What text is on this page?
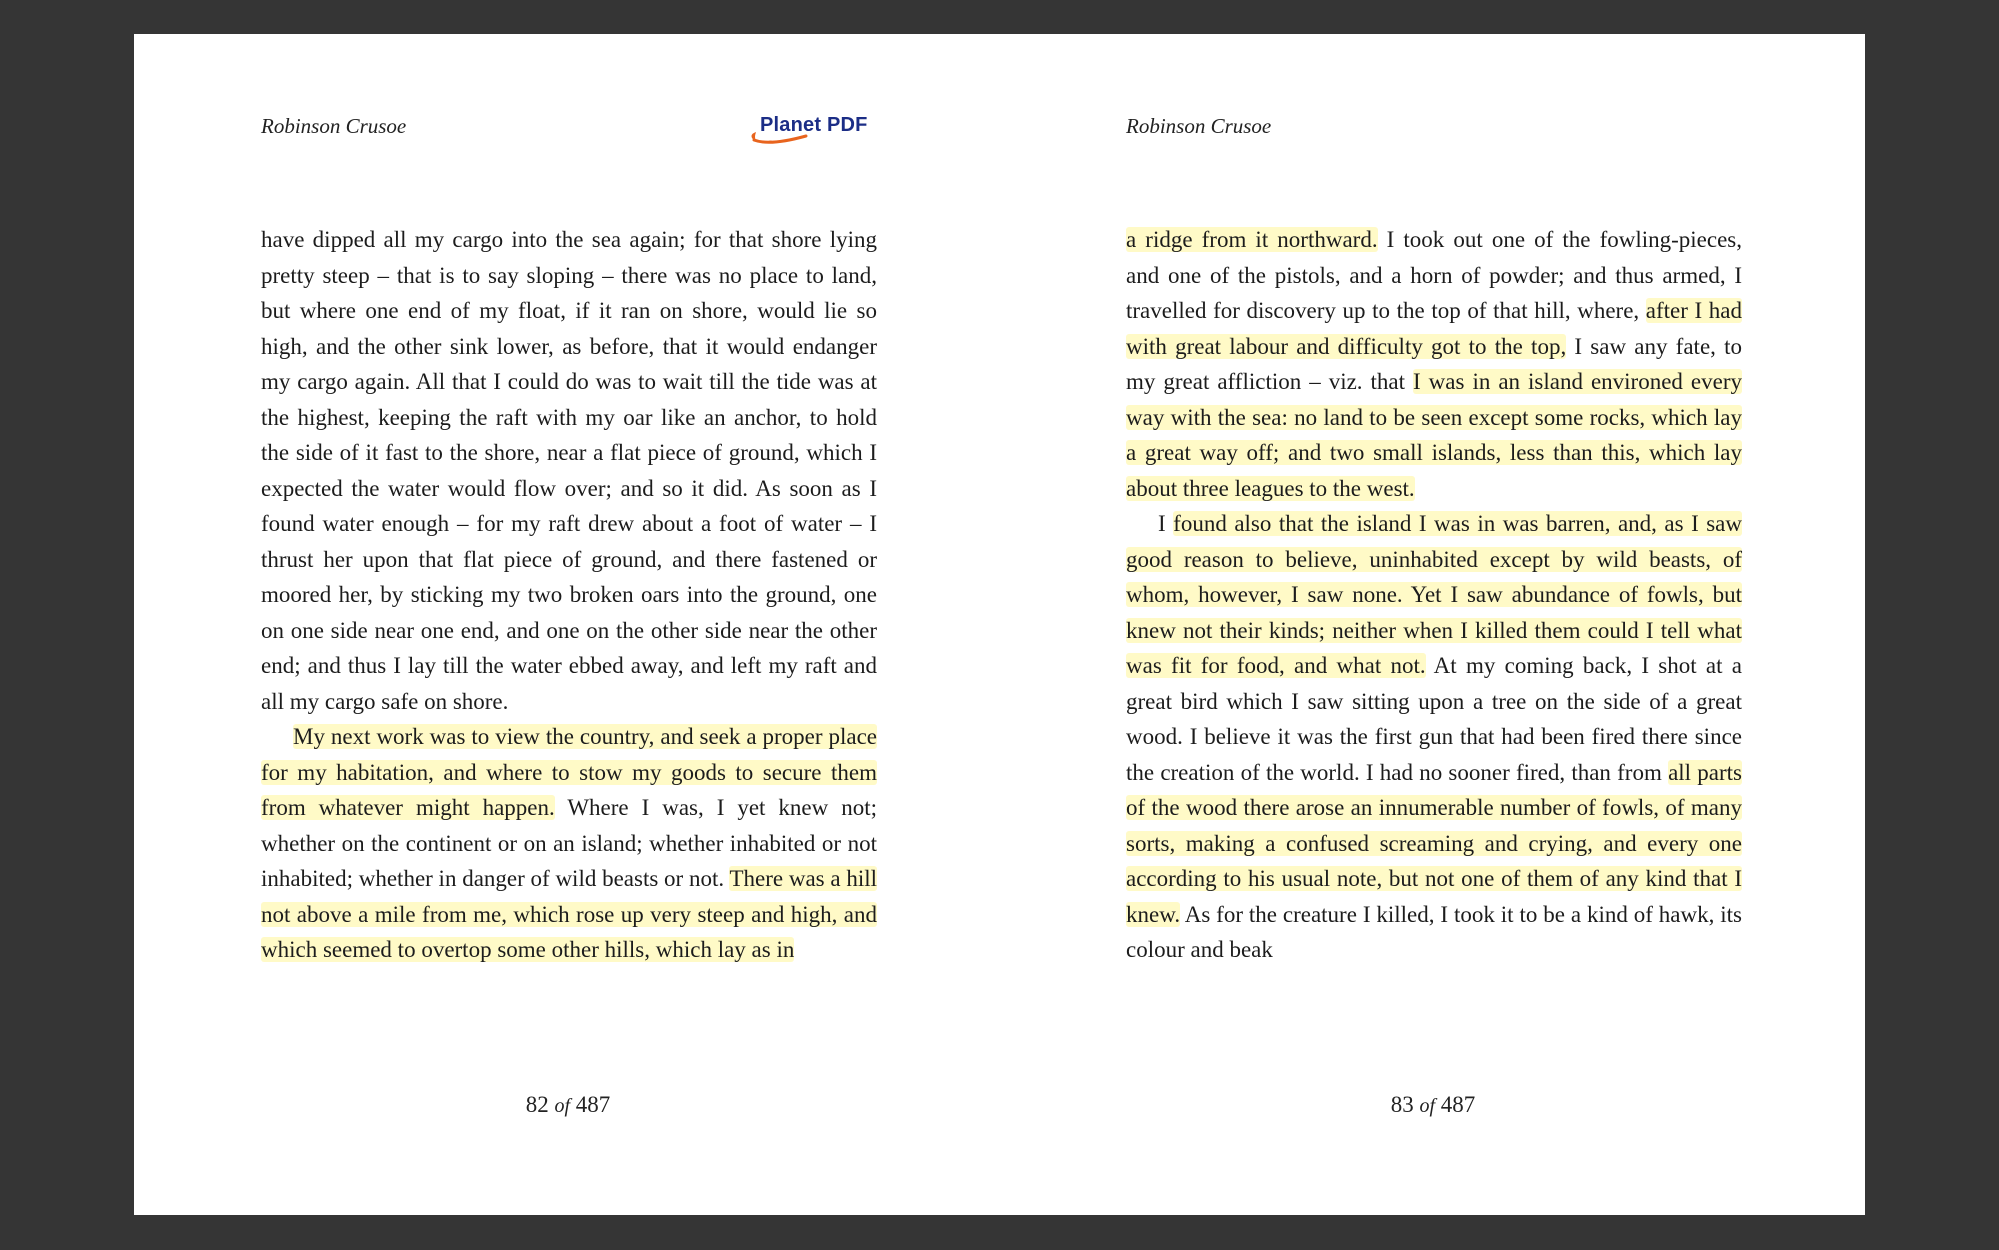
Robinson Crusoe	Planet PDF

have dipped all my cargo into the sea again; for that shore lying pretty steep – that is to say sloping – there was no place to land, but where one end of my float, if it ran on shore, would lie so high, and the other sink lower, as before, that it would endanger my cargo again. All that I could do was to wait till the tide was at the highest, keeping the raft with my oar like an anchor, to hold the side of it fast to the shore, near a flat piece of ground, which I expected the water would flow over; and so it did. As soon as I found water enough – for my raft drew about a foot of water – I thrust her upon that flat piece of ground, and there fastened or moored her, by sticking my two broken oars into the ground, one on one side near one end, and one on the other side near the other end; and thus I lay till the water ebbed away, and left my raft and all my cargo safe on shore.

My next work was to view the country, and seek a proper place for my habitation, and where to stow my goods to secure them from whatever might happen. Where I was, I yet knew not; whether on the continent or on an island; whether inhabited or not inhabited; whether in danger of wild beasts or not. There was a hill not above a mile from me, which rose up very steep and high, and which seemed to overtop some other hills, which lay as in

82 of 487
Robinson Crusoe

a ridge from it northward. I took out one of the fowling-pieces, and one of the pistols, and a horn of powder; and thus armed, I travelled for discovery up to the top of that hill, where, after I had with great labour and difficulty got to the top, I saw any fate, to my great affliction – viz. that I was in an island environed every way with the sea: no land to be seen except some rocks, which lay a great way off; and two small islands, less than this, which lay about three leagues to the west.

I found also that the island I was in was barren, and, as I saw good reason to believe, uninhabited except by wild beasts, of whom, however, I saw none. Yet I saw abundance of fowls, but knew not their kinds; neither when I killed them could I tell what was fit for food, and what not. At my coming back, I shot at a great bird which I saw sitting upon a tree on the side of a great wood. I believe it was the first gun that had been fired there since the creation of the world. I had no sooner fired, than from all parts of the wood there arose an innumerable number of fowls, of many sorts, making a confused screaming and crying, and every one according to his usual note, but not one of them of any kind that I knew. As for the creature I killed, I took it to be a kind of hawk, its colour and beak

83 of 487
